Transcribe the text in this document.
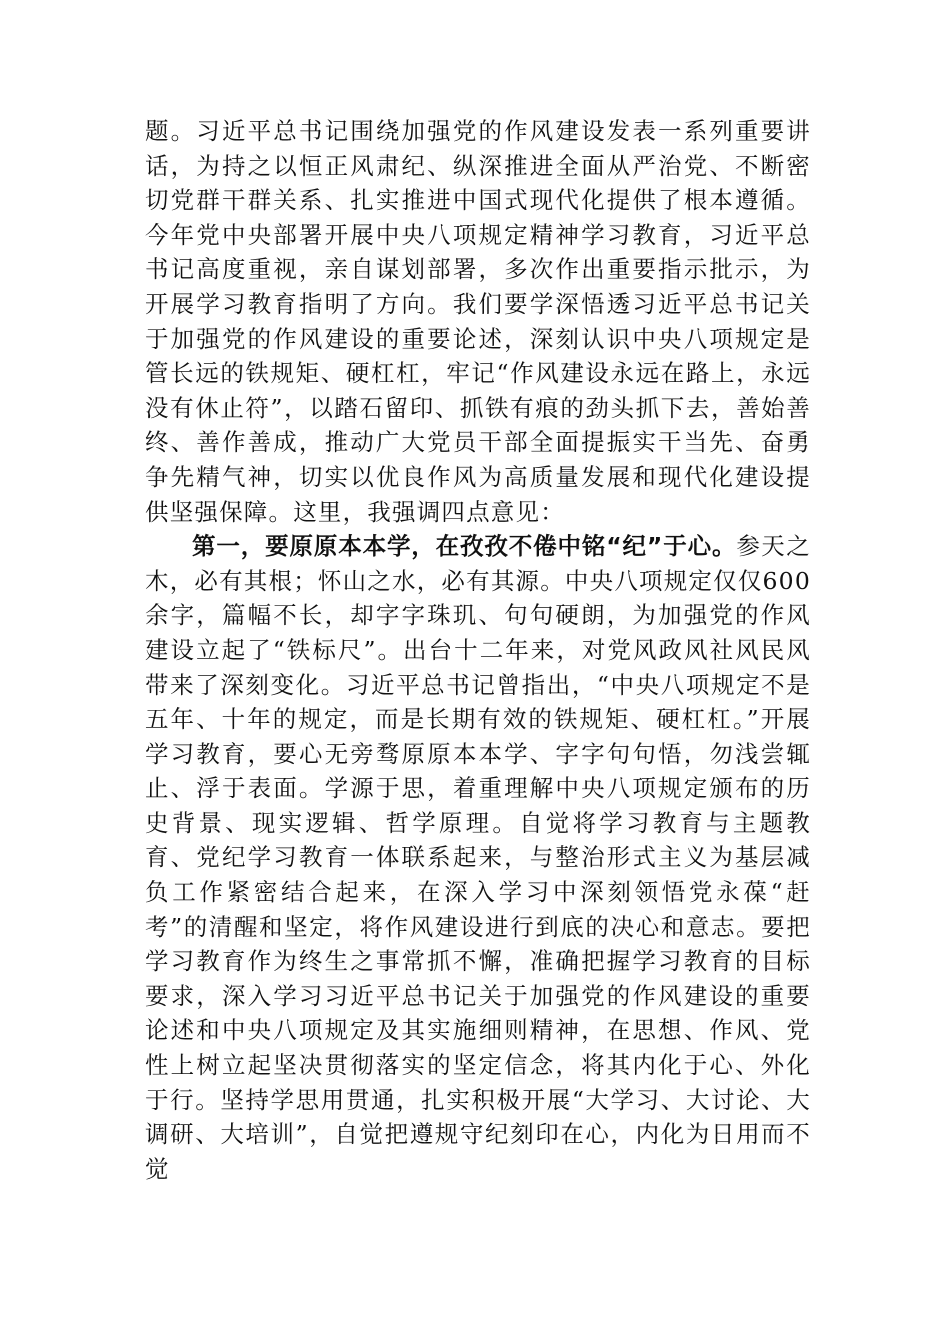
题。习近平总书记围绕加强党的作风建设发表一系列重要讲话，为持之以恒正风肃纪、纵深推进全面从严治党、不断密切党群干群关系、扎实推进中国式现代化提供了根本遵循。今年党中央部署开展中央八项规定精神学习教育，习近平总书记高度重视，亲自谋划部署，多次作出重要指示批示，为开展学习教育指明了方向。我们要学深悟透习近平总书记关于加强党的作风建设的重要论述，深刻认识中央八项规定是管长远的铁规矩、硬杠杠，牢记“作风建设永远在路上，永远没有休止符”，以踏石留印、抓铁有痕的劲头抓下去，善始善终、善作善成，推动广大党员干部全面提振实干当先、奋勇争先精气神，切实以优良作风为高质量发展和现代化建设提供坚强保障。这里，我强调四点意见：

第一，要原原本本学，在孜孜不倦中铭“纪”于心。参天之木，必有其根；怀山之水，必有其源。中央八项规定仅仅600余字，篇幅不长，却字字珠玑、句句硬朗，为加强党的作风建设立起了“铁标尺”。出台十二年来，对党风政风社风民风带来了深刻变化。习近平总书记曾指出，“中央八项规定不是五年、十年的规定，而是长期有效的铁规矩、硬杠杠。”开展学习教育，要心无旁骛原原本本学、字字句句悟，勿浅尝辄止、浮于表面。学源于思，着重理解中央八项规定颁布的历史背景、现实逻辑、哲学原理。自觉将学习教育与主题教育、党纪学习教育一体联系起来，与整治形式主义为基层减负工作紧密结合起来，在深入学习中深刻领悟党永葆“赶考”的清醒和坚定，将作风建设进行到底的决心和意志。要把学习教育作为终生之事常抓不懈，准确把握学习教育的目标要求，深入学习习近平总书记关于加强党的作风建设的重要论述和中央八项规定及其实施细则精神，在思想、作风、党性上树立起坚决贯彻落实的坚定信念，将其内化于心、外化于行。坚持学思用贯通，扎实积极开展“大学习、大讨论、大调研、大培训”，自觉把遵规守纪刻印在心，内化为日用而不觉
